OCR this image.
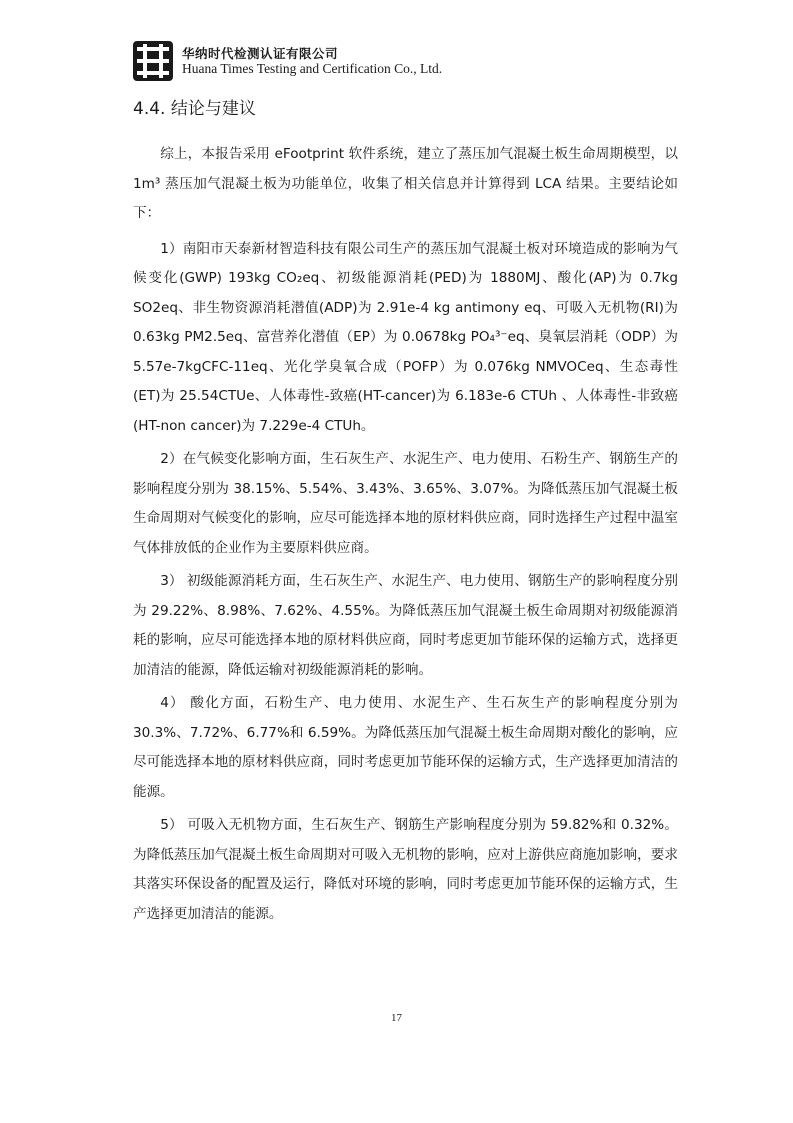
华纳时代检测认证有限公司
Huana Times Testing and Certification Co., Ltd.
4.4. 结论与建议

综上，本报告采用 eFootprint 软件系统，建立了蒸压加气混凝土板生命周期模型，以 1m³ 蒸压加气混凝土板为功能单位，收集了相关信息并计算得到 LCA 结果。主要结论如下：

1）南阳市天泰新材智造科技有限公司生产的蒸压加气混凝土板对环境造成的影响为气候变化(GWP) 193kg CO₂eq、初级能源消耗(PED)为 1880MJ、酸化(AP)为 0.7kg SO2eq、非生物资源消耗潜值(ADP)为 2.91e-4 kg antimony eq、可吸入无机物(RI)为 0.63kg PM2.5eq、富营养化潜值（EP）为 0.0678kg PO₄³⁻eq、臭氧层消耗（ODP）为 5.57e-7kgCFC-11eq、光化学臭氧合成（POFP）为 0.076kg NMVOCeq、生态毒性(ET)为 25.54CTUe、人体毒性-致癌(HT-cancer)为 6.183e-6 CTUh 、人体毒性-非致癌(HT-non cancer)为 7.229e-4 CTUh。

2）在气候变化影响方面，生石灰生产、水泥生产、电力使用、石粉生产、钢筋生产的影响程度分别为 38.15%、5.54%、3.43%、3.65%、3.07%。为降低蒸压加气混凝土板生命周期对气候变化的影响，应尽可能选择本地的原材料供应商，同时选择生产过程中温室气体排放低的企业作为主要原料供应商。

3） 初级能源消耗方面，生石灰生产、水泥生产、电力使用、钢筋生产的影响程度分别为 29.22%、8.98%、7.62%、4.55%。为降低蒸压加气混凝土板生命周期对初级能源消耗的影响，应尽可能选择本地的原材料供应商，同时考虑更加节能环保的运输方式，选择更加清洁的能源，降低运输对初级能源消耗的影响。

4） 酸化方面，石粉生产、电力使用、水泥生产、生石灰生产的影响程度分别为 30.3%、7.72%、6.77%和 6.59%。为降低蒸压加气混凝土板生命周期对酸化的影响，应尽可能选择本地的原材料供应商，同时考虑更加节能环保的运输方式，生产选择更加清洁的能源。

5） 可吸入无机物方面，生石灰生产、钢筋生产影响程度分别为 59.82%和 0.32%。为降低蒸压加气混凝土板生命周期对可吸入无机物的影响，应对上游供应商施加影响，要求其落实环保设备的配置及运行，降低对环境的影响，同时考虑更加节能环保的运输方式，生产选择更加清洁的能源。

17
